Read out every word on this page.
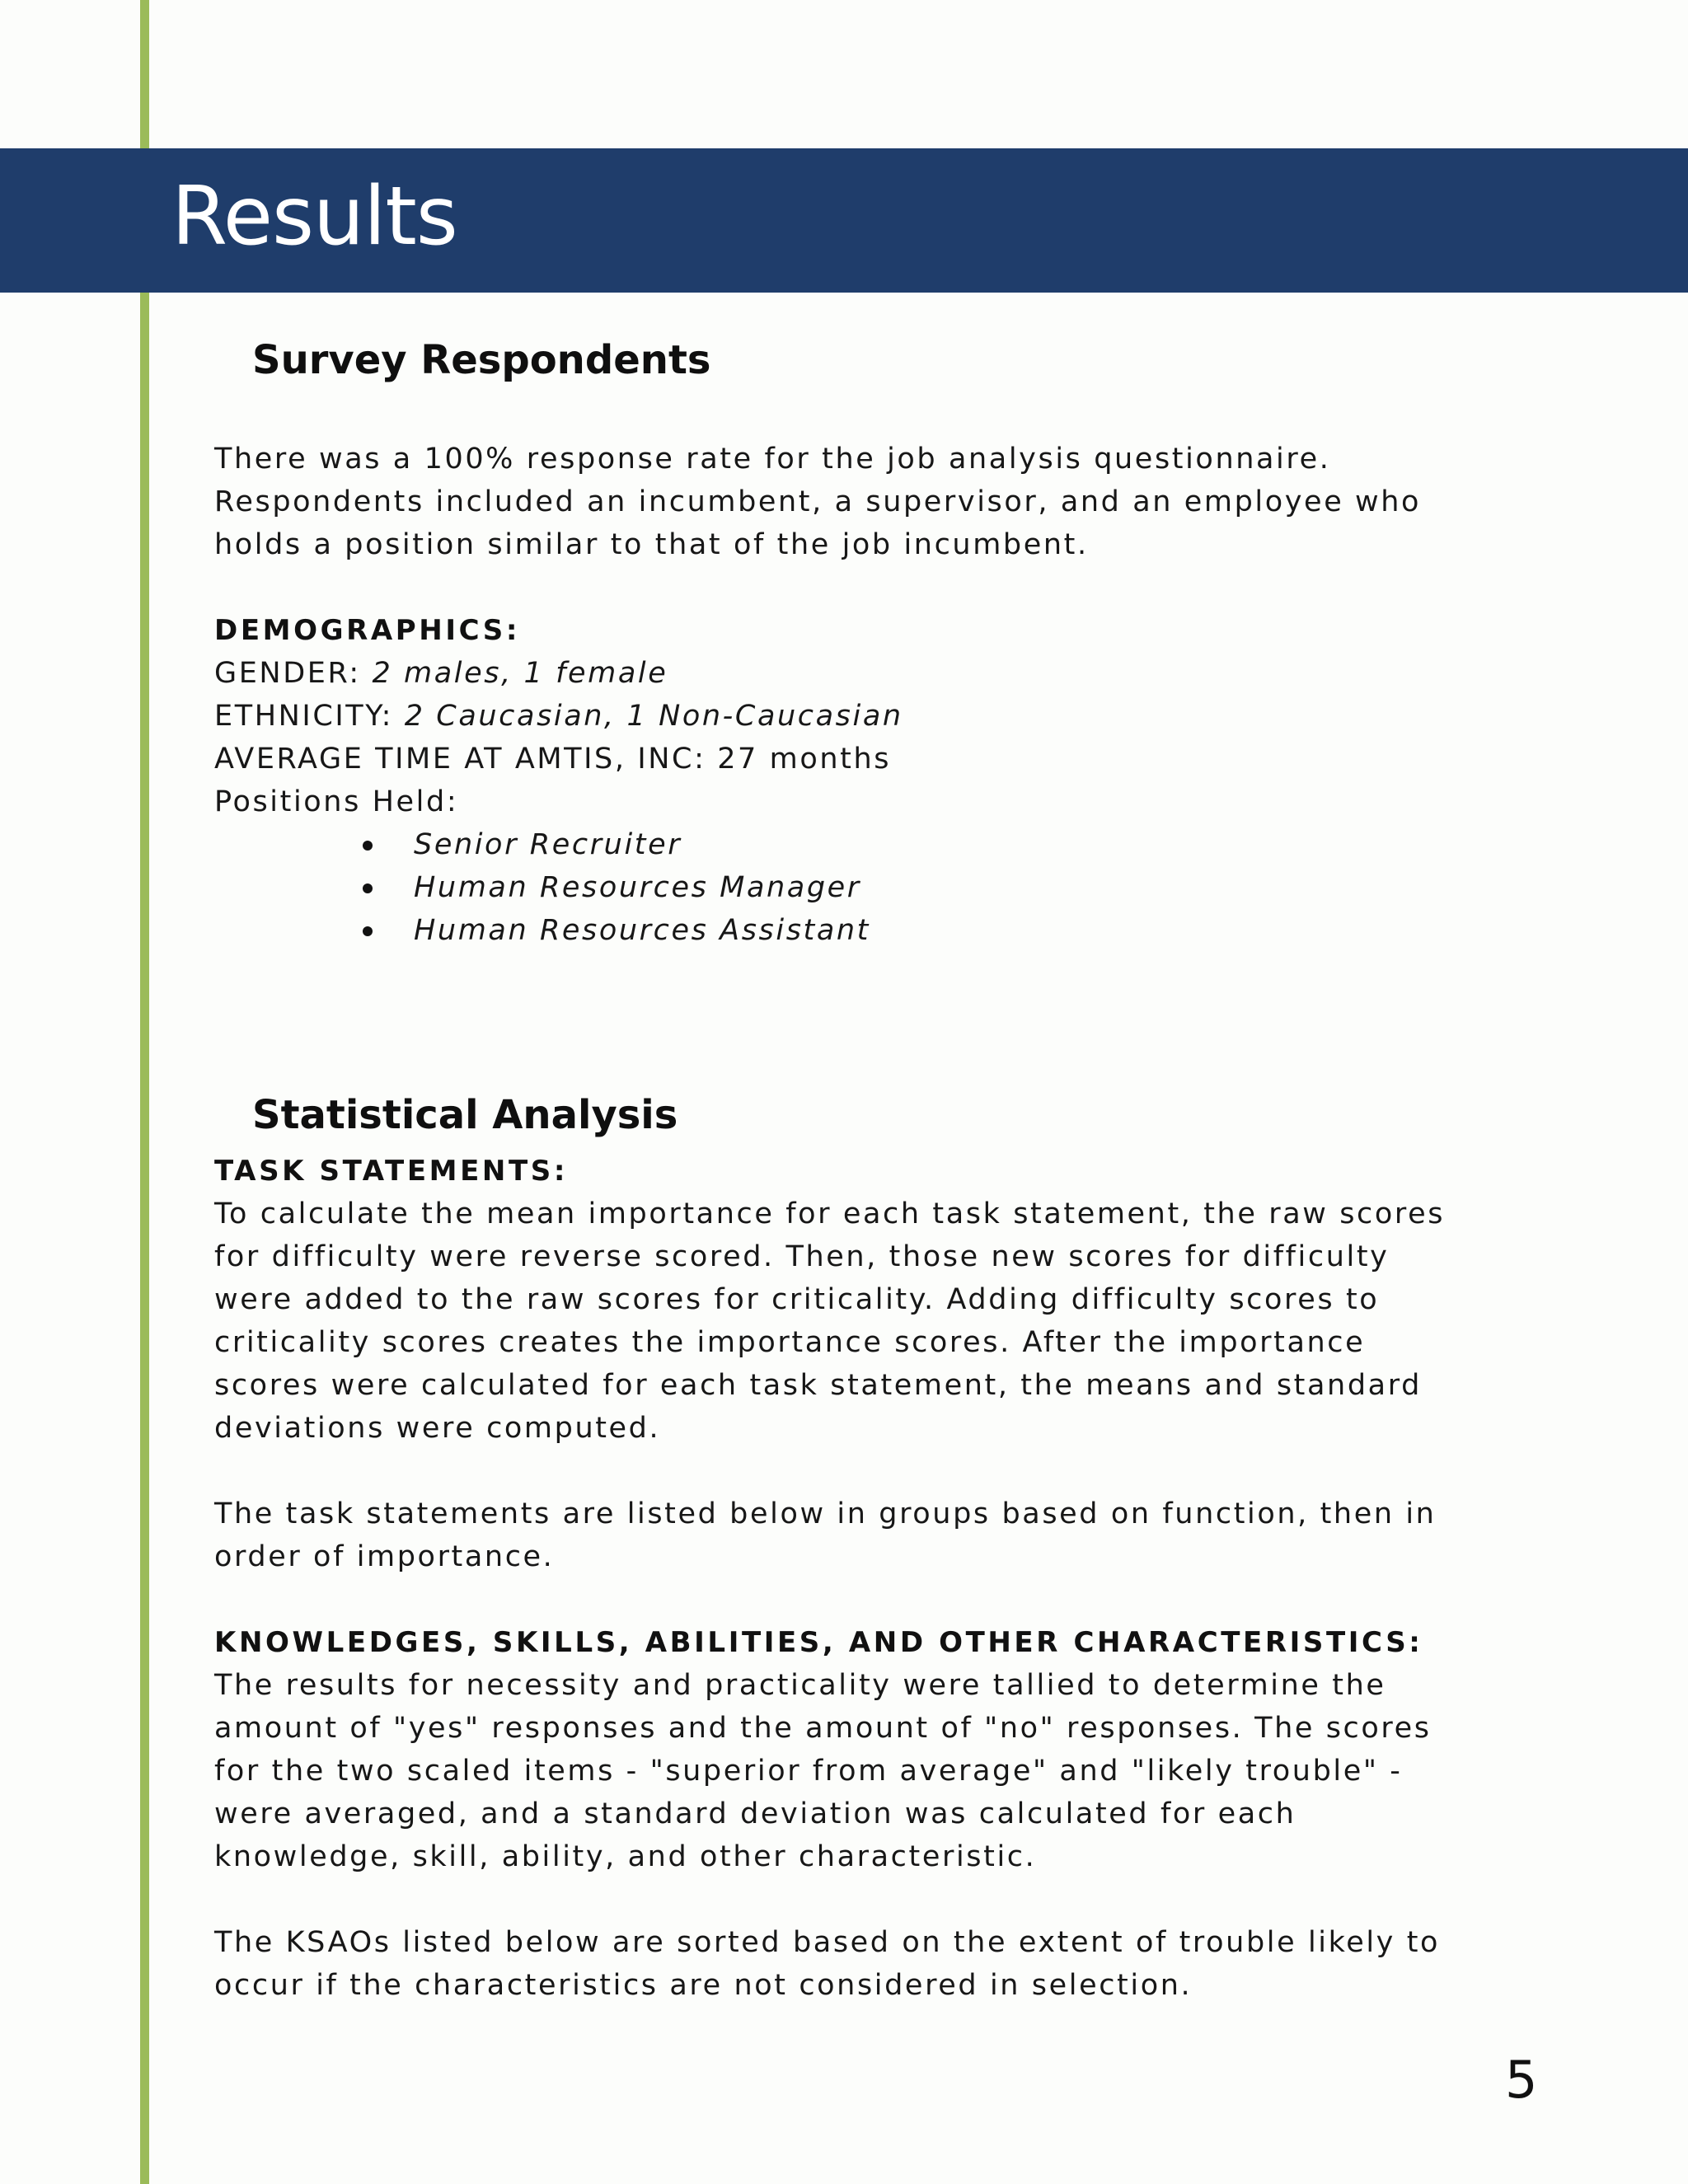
Results
Survey Respondents

There was a 100% response rate for the job analysis questionnaire.

Respondents included an incumbent, a supervisor, and an employee who

holds a position similar to that of the job incumbent.

DEMOGRAPHICS:

GENDER: 2 males, 1 female

ETHNICITY: 2 Caucasian, 1 Non-Caucasian

AVERAGE TIME AT AMTIS, INC: 27 months

Positions Held:

Senior Recruiter
Human Resources Manager
Human Resources Assistant
Statistical Analysis

TASK STATEMENTS:

To calculate the mean importance for each task statement, the raw scores

for difficulty were reverse scored. Then, those new scores for difficulty

were added to the raw scores for criticality. Adding difficulty scores to

criticality scores creates the importance scores. After the importance

scores were calculated for each task statement, the means and standard

deviations were computed.

The task statements are listed below in groups based on function, then in

order of importance.

KNOWLEDGES, SKILLS, ABILITIES, AND OTHER CHARACTERISTICS:

The results for necessity and practicality were tallied to determine the

amount of "yes" responses and the amount of "no" responses. The scores

for the two scaled items - "superior from average" and "likely trouble" -

were averaged, and a standard deviation was calculated for each

knowledge, skill, ability, and other characteristic.

The KSAOs listed below are sorted based on the extent of trouble likely to

occur if the characteristics are not considered in selection.

5
